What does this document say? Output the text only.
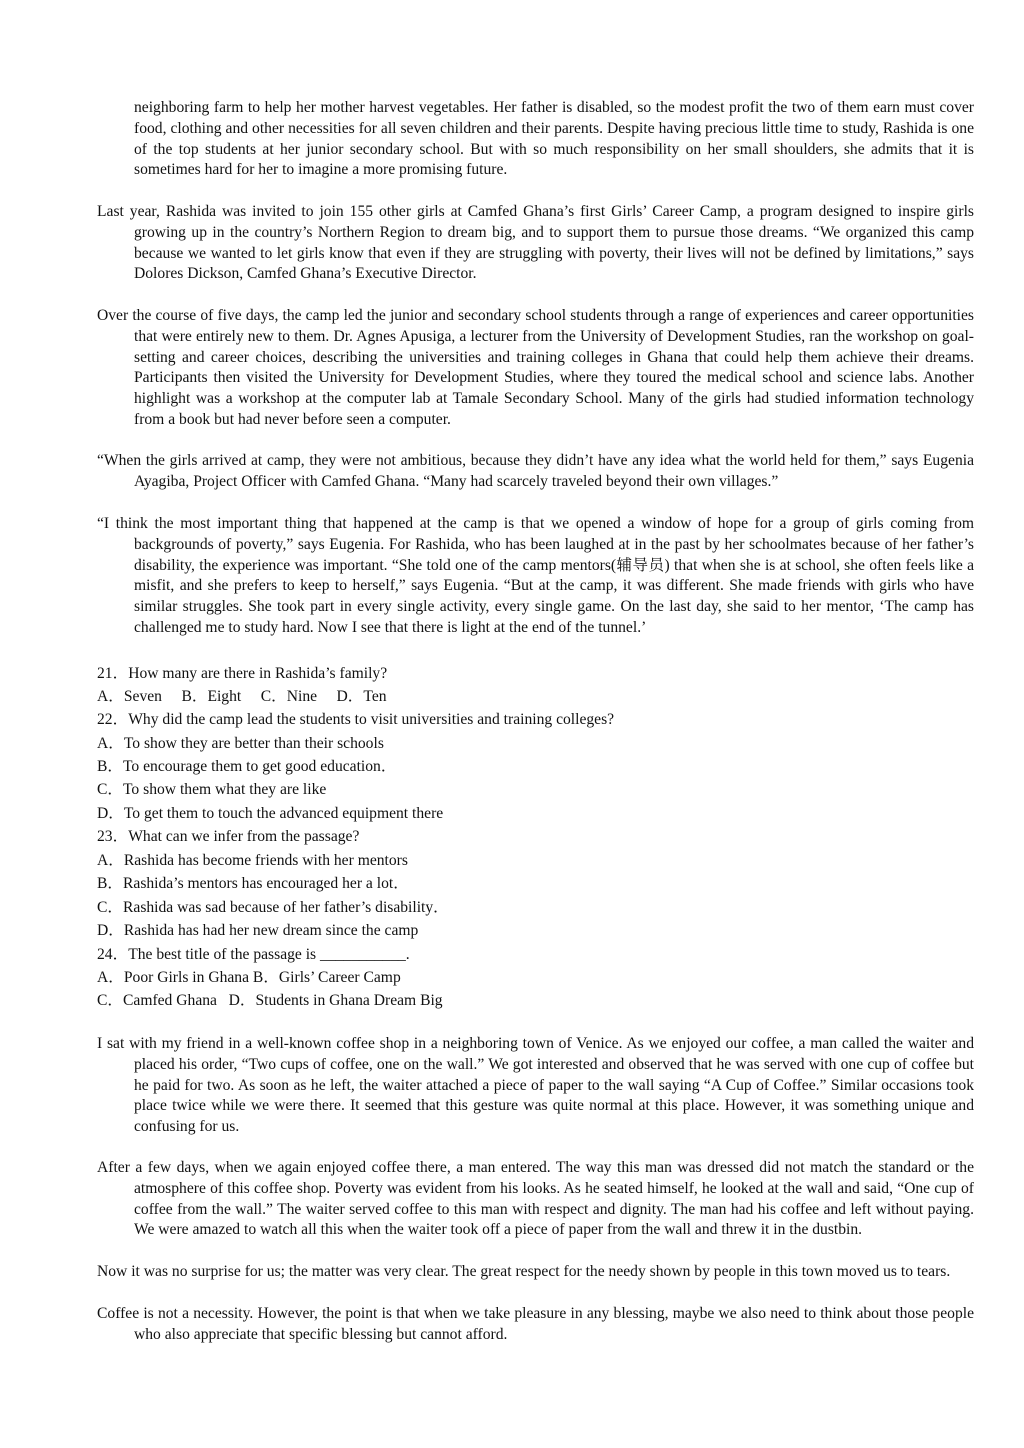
neighboring farm to help her mother harvest vegetables. Her father is disabled, so the modest profit the two of them earn must cover food, clothing and other necessities for all seven children and their parents. Despite having precious little time to study, Rashida is one of the top students at her junior secondary school. But with so much responsibility on her small shoulders, she admits that it is sometimes hard for her to imagine a more promising future.
Last year, Rashida was invited to join 155 other girls at Camfed Ghana’s first Girls’ Career Camp, a program designed to inspire girls growing up in the country’s Northern Region to dream big, and to support them to pursue those dreams. “We organized this camp because we wanted to let girls know that even if they are struggling with poverty, their lives will not be defined by limitations,” says Dolores Dickson, Camfed Ghana’s Executive Director.
Over the course of five days, the camp led the junior and secondary school students through a range of experiences and career opportunities that were entirely new to them. Dr. Agnes Apusiga, a lecturer from the University of Development Studies, ran the workshop on goal-setting and career choices, describing the universities and training colleges in Ghana that could help them achieve their dreams. Participants then visited the University for Development Studies, where they toured the medical school and science labs. Another highlight was a workshop at the computer lab at Tamale Secondary School. Many of the girls had studied information technology from a book but had never before seen a computer.
“When the girls arrived at camp, they were not ambitious, because they didn’t have any idea what the world held for them,” says Eugenia Ayagiba, Project Officer with Camfed Ghana. “Many had scarcely traveled beyond their own villages.”
“I think the most important thing that happened at the camp is that we opened a window of hope for a group of girls coming from backgrounds of poverty,” says Eugenia. For Rashida, who has been laughed at in the past by her schoolmates because of her father’s disability, the experience was important. “She told one of the camp mentors(辅导员) that when she is at school, she often feels like a misfit, and she prefers to keep to herself,” says Eugenia. “But at the camp, it was different. She made friends with girls who have similar struggles. She took part in every single activity, every single game. On the last day, she said to her mentor, ‘The camp has challenged me to study hard. Now I see that there is light at the end of the tunnel.’
21．How many are there in Rashida’s family?
A．Seven     B．Eight     C．Nine     D．Ten
22．Why did the camp lead the students to visit universities and training colleges?
A．To show they are better than their schools
B．To encourage them to get good education．
C．To show them what they are like
D．To get them to touch the advanced equipment there
23．What can we infer from the passage?
A．Rashida has become friends with her mentors
B．Rashida’s mentors has encouraged her a lot．
C．Rashida was sad because of her father’s disability．
D．Rashida has had her new dream since the camp
24．The best title of the passage is ___________.
A．Poor Girls in Ghana B．Girls’ Career Camp
C．Camfed Ghana   D．Students in Ghana Dream Big
I sat with my friend in a well-known coffee shop in a neighboring town of Venice. As we enjoyed our coffee, a man called the waiter and placed his order, “Two cups of coffee, one on the wall.” We got interested and observed that he was served with one cup of coffee but he paid for two. As soon as he left, the waiter attached a piece of paper to the wall saying “A Cup of Coffee.” Similar occasions took place twice while we were there. It seemed that this gesture was quite normal at this place. However, it was something unique and confusing for us.
After a few days, when we again enjoyed coffee there, a man entered. The way this man was dressed did not match the standard or the atmosphere of this coffee shop. Poverty was evident from his looks. As he seated himself, he looked at the wall and said, “One cup of coffee from the wall.” The waiter served coffee to this man with respect and dignity. The man had his coffee and left without paying. We were amazed to watch all this when the waiter took off a piece of paper from the wall and threw it in the dustbin.
Now it was no surprise for us; the matter was very clear. The great respect for the needy shown by people in this town moved us to tears.
Coffee is not a necessity. However, the point is that when we take pleasure in any blessing, maybe we also need to think about those people who also appreciate that specific blessing but cannot afford.
